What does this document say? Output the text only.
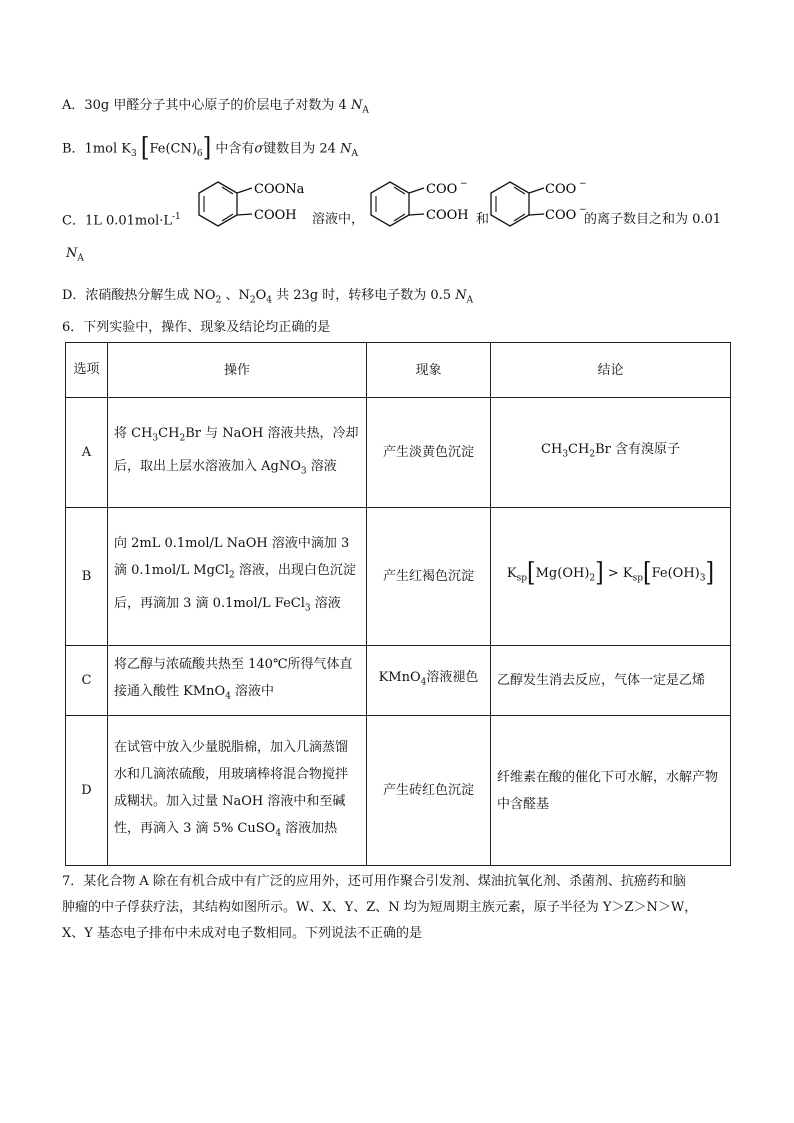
A．30g 甲醛分子其中心原子的价层电子对数为 4 $N_A$
B．1mol $K_3$ $[Fe(CN)_6]$ 中含有σ键数目为 24 $N_A$
C．1L $0.01mol\cdot L^{-1}$
COONa
COOH 溶液中，
COO −
COOH 和
COO −
COO −
的离子数目之和为 0.01
$N_A$
D．浓硝酸热分解生成 $NO_2$ 、$N_2O_4$ 共 23g 时，转移电子数为 0.5 $N_A$
6．下列实验中，操作、现象及结论均正确的是
选项	操作	现象	结论
A	将 $CH_3CH_2Br$ 与 NaOH 溶液共热，冷却后，取出上层水溶液加入 AgNO$_3$ 溶液	产生淡黄色沉淀	$CH_3CH_2Br$ 含有溴原子
B	向 2mL 0.1mol/L NaOH 溶液中滴加 3 滴 0.1mol/L MgCl$_2$ 溶液，出现白色沉淀后，再滴加 3 滴 0.1mol/L FeCl$_3$ 溶液	产生红褐色沉淀	$K_{sp}[Mg(OH)_2] > K_{sp}[Fe(OH)_3]$
C	将乙醇与浓硫酸共热至 140℃所得气体直接通入酸性 KMnO$_4$ 溶液中	KMnO$_4$溶液褪色	乙醇发生消去反应，气体一定是乙烯
D	在试管中放入少量脱脂棉，加入几滴蒸馏水和几滴浓硫酸，用玻璃棒将混合物搅拌成糊状。加入过量 NaOH 溶液中和至碱性，再滴入 3 滴 5% CuSO$_4$ 溶液加热	产生砖红色沉淀	纤维素在酸的催化下可水解，水解产物中含醛基
7．某化合物 A 除在有机合成中有广泛的应用外，还可用作聚合引发剂、煤油抗氧化剂、杀菌剂、抗癌药和脑
肿瘤的中子俘获疗法，其结构如图所示。W、X、Y、Z、N 均为短周期主族元素，原子半径为 Y＞Z＞N＞W，
X、Y 基态电子排布中未成对电子数相同。下列说法不正确的是
